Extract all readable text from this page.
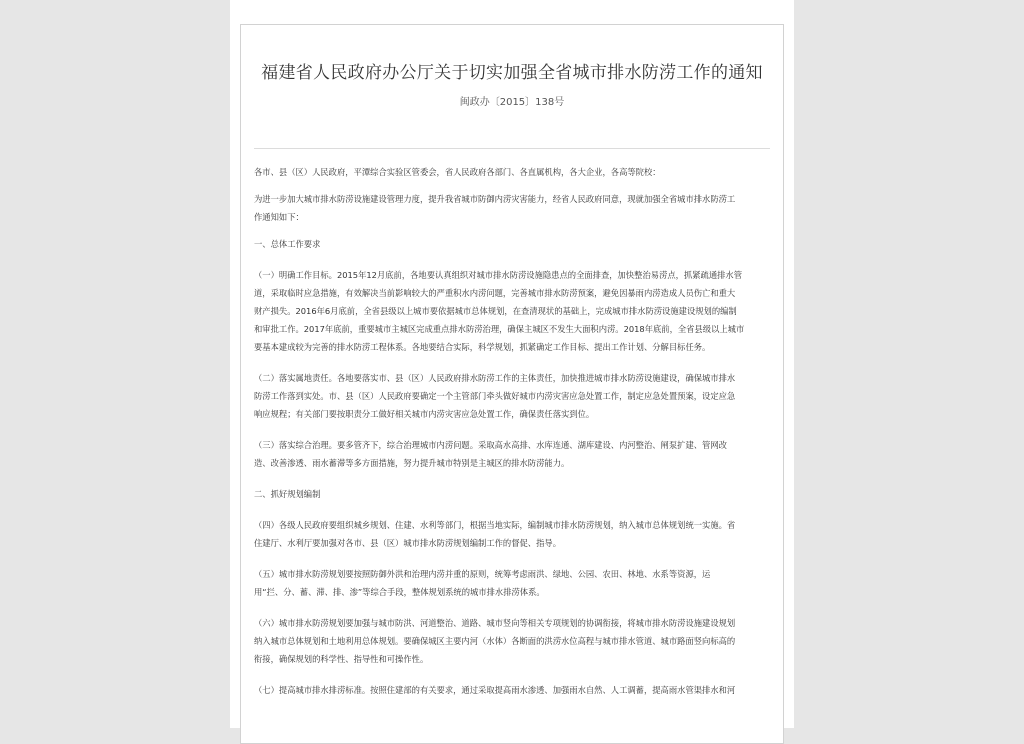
福建省人民政府办公厅关于切实加强全省城市排水防涝工作的通知
闽政办〔2015〕138号

各市、县（区）人民政府，平潭综合实验区管委会，省人民政府各部门、各直属机构，各大企业，各高等院校：

为进一步加大城市排水防涝设施建设管理力度，提升我省城市防御内涝灾害能力，经省人民政府同意，现就加强全省城市排水防涝工

作通知如下：

一、总体工作要求

（一）明确工作目标。2015年12月底前，各地要认真组织对城市排水防涝设施隐患点的全面排查，加快整治易涝点，抓紧疏通排水管

道，采取临时应急措施，有效解决当前影响较大的严重积水内涝问题，完善城市排水防涝预案，避免因暴雨内涝造成人员伤亡和重大

财产损失。2016年6月底前，全省县级以上城市要依据城市总体规划，在查清现状的基础上，完成城市排水防涝设施建设规划的编制

和审批工作。2017年底前，重要城市主城区完成重点排水防涝治理，确保主城区不发生大面积内涝。2018年底前，全省县级以上城市

要基本建成较为完善的排水防涝工程体系。各地要结合实际，科学规划，抓紧确定工作目标、提出工作计划、分解目标任务。

（二）落实属地责任。各地要落实市、县（区）人民政府排水防涝工作的主体责任，加快推进城市排水防涝设施建设，确保城市排水

防涝工作落到实处。市、县（区）人民政府要确定一个主管部门牵头做好城市内涝灾害应急处置工作，制定应急处置预案，设定应急

响应规程；有关部门要按职责分工做好相关城市内涝灾害应急处置工作，确保责任落实到位。

（三）落实综合治理。要多管齐下，综合治理城市内涝问题。采取高水高排、水库连通、湖库建设、内河整治、闸泵扩建、管网改

造、改善渗透、雨水蓄滞等多方面措施，努力提升城市特别是主城区的排水防涝能力。

二、抓好规划编制

（四）各级人民政府要组织城乡规划、住建、水利等部门，根据当地实际，编制城市排水防涝规划，纳入城市总体规划统一实施。省

住建厅、水利厅要加强对各市、县（区）城市排水防涝规划编制工作的督促、指导。

（五）城市排水防涝规划要按照防御外洪和治理内涝并重的原则，统筹考虑雨洪、绿地、公园、农田、林地、水系等资源，运

用“拦、分、蓄、滞、排、渗”等综合手段，整体规划系统的城市排水排涝体系。

（六）城市排水防涝规划要加强与城市防洪、河道整治、道路、城市竖向等相关专项规划的协调衔接，将城市排水防涝设施建设规划

纳入城市总体规划和土地利用总体规划。要确保城区主要内河（水体）各断面的洪涝水位高程与城市排水管道、城市路面竖向标高的

衔接，确保规划的科学性、指导性和可操作性。

（七）提高城市排水排涝标准。按照住建部的有关要求，通过采取提高雨水渗透、加强雨水自然、人工调蓄，提高雨水管渠排水和河
